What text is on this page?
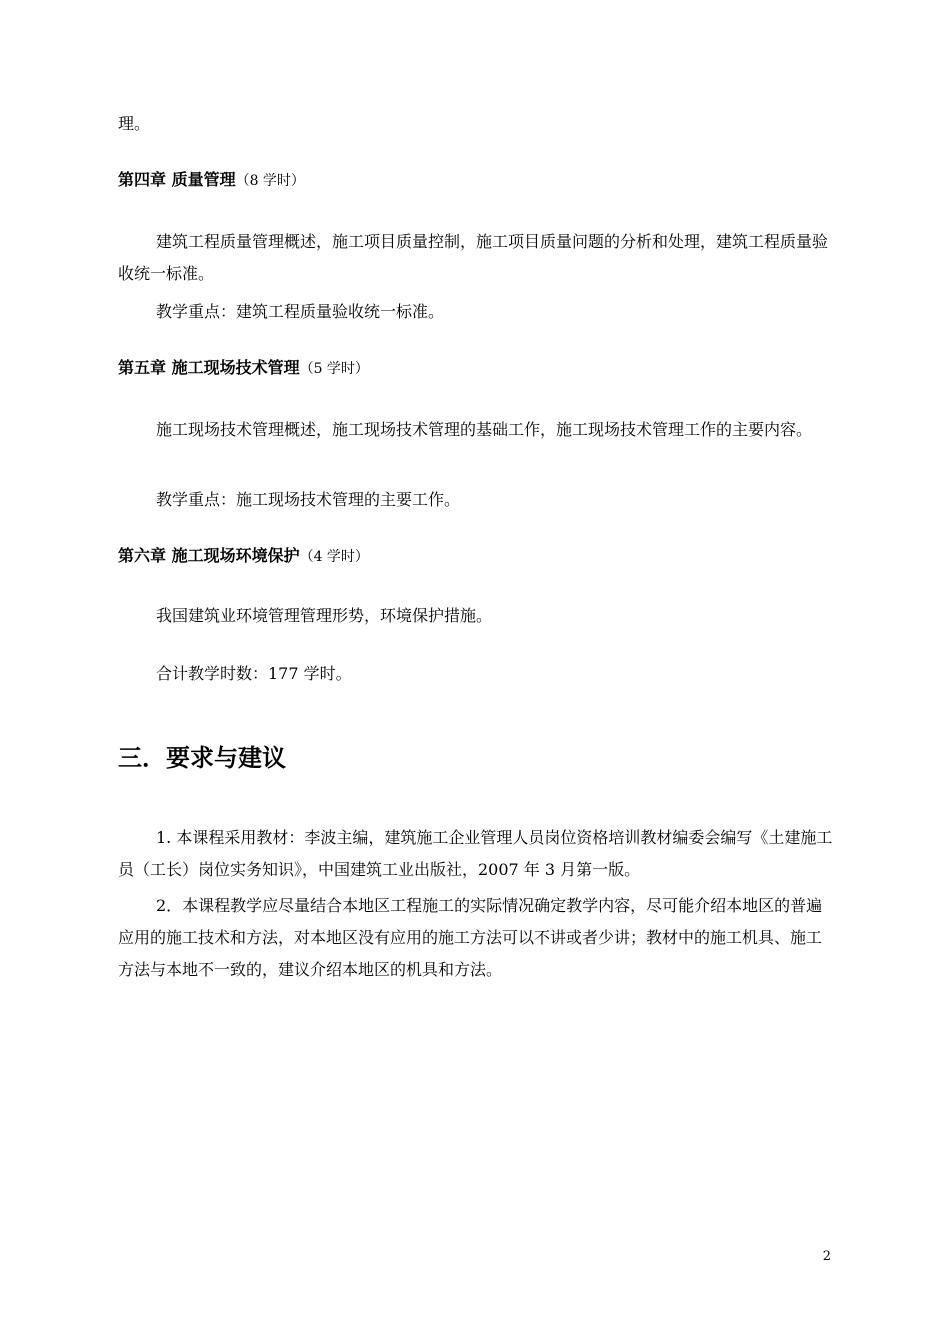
理。

第四章 质量管理（8 学时）

建筑工程质量管理概述，施工项目质量控制，施工项目质量问题的分析和处理，建筑工程质量验收统一标准。

教学重点：建筑工程质量验收统一标准。

第五章 施工现场技术管理（5 学时）

施工现场技术管理概述，施工现场技术管理的基础工作，施工现场技术管理工作的主要内容。

教学重点：施工现场技术管理的主要工作。

第六章 施工现场环境保护（4 学时）

我国建筑业环境管理管理形势，环境保护措施。

合计教学时数：177 学时。

三．要求与建议

1. 本课程采用教材：李波主编，建筑施工企业管理人员岗位资格培训教材编委会编写《土建施工员（工长）岗位实务知识》，中国建筑工业出版社，2007 年 3 月第一版。

2．本课程教学应尽量结合本地区工程施工的实际情况确定教学内容，尽可能介绍本地区的普遍应用的施工技术和方法，对本地区没有应用的施工方法可以不讲或者少讲；教材中的施工机具、施工方法与本地不一致的，建议介绍本地区的机具和方法。

2
